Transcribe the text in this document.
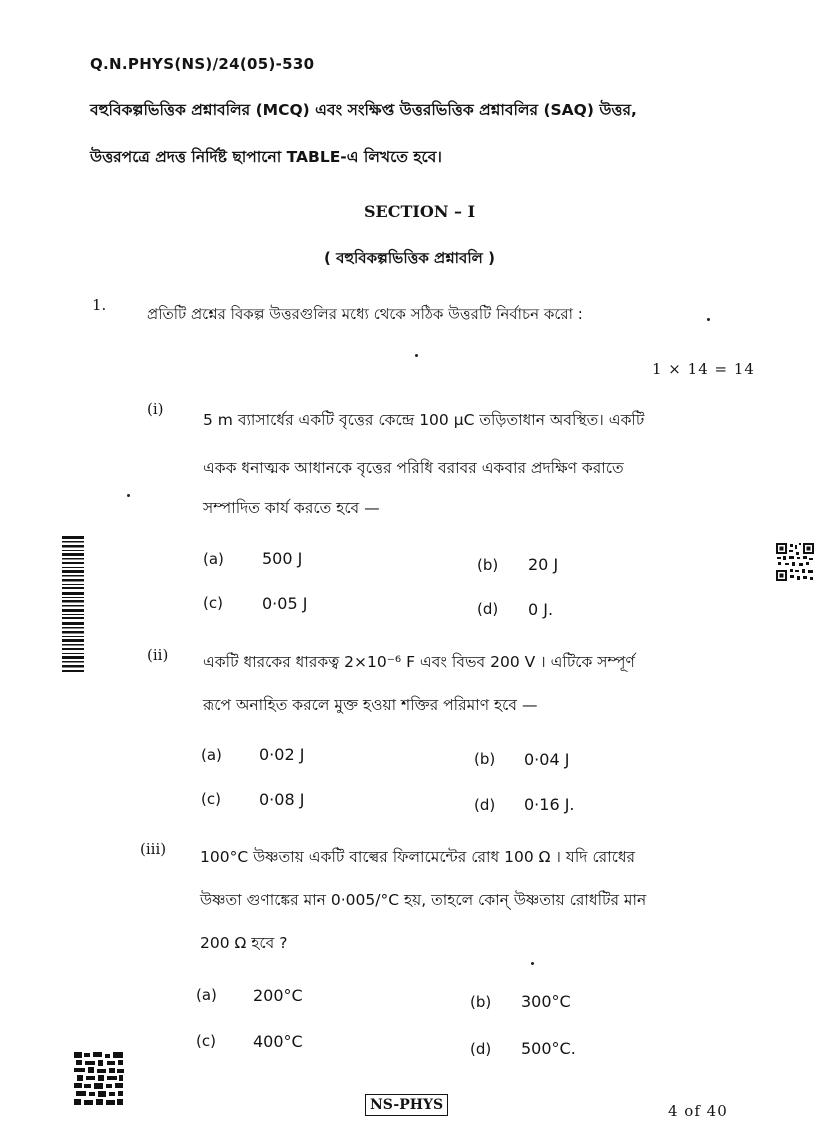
Q.N.PHYS(NS)/24(05)-530
বহুবিকল্পভিত্তিক প্রশ্নাবলির (MCQ) এবং সংক্ষিপ্ত উত্তরভিত্তিক প্রশ্নাবলির (SAQ) উত্তর,
উত্তরপত্রে প্রদত্ত নির্দিষ্ট ছাপানো TABLE-এ লিখতে হবে।
SECTION – I
( বহুবিকল্পভিত্তিক প্রশ্নাবলি )
1.	প্রতিটি প্রশ্নের বিকল্প উত্তরগুলির মধ্যে থেকে সঠিক উত্তরটি নির্বাচন করো :
1 × 14 = 14
(i)
5 m ব্যাসার্ধের একটি বৃত্তের কেন্দ্রে 100 μC তড়িতাধান অবস্থিত। একটি
একক ধনাত্মক আধানকে বৃত্তের পরিধি বরাবর একবার প্রদক্ষিণ করাতে
সম্পাদিত কার্য করতে হবে —
(a) 500 J	(b) 20 J
(c) 0·05 J	(d) 0 J.
(ii) একটি ধারকের ধারকত্ব 2×10⁻⁶ F এবং বিভব 200 V । এটিকে সম্পূর্ণ
রূপে অনাহিত করলে মুক্ত হওয়া শক্তির পরিমাণ হবে —
(a) 0·02 J	(b) 0·04 J
(c) 0·08 J	(d) 0·16 J.
(iii) 100°C উষ্ণতায় একটি বাল্বের ফিলামেন্টের রোধ 100 Ω । যদি রোধের
উষ্ণতা গুণাঙ্কের মান 0·005/°C হয়, তাহলে কোন্ উষ্ণতায় রোধটির মান
200 Ω হবে ?
(a) 200°C	(b) 300°C
(c) 400°C	(d) 500°C.
NS-PHYS	4 of 40
